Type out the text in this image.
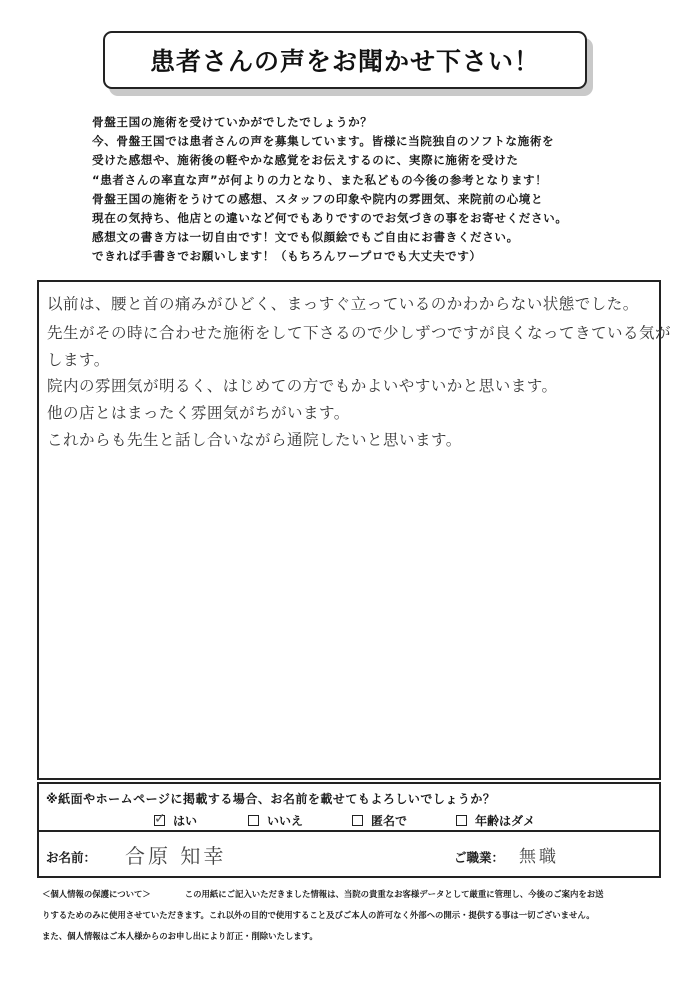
患者さんの声をお聞かせ下さい！
骨盤王国の施術を受けていかがでしたでしょうか？
今、骨盤王国では患者さんの声を募集しています。皆様に当院独自のソフトな施術を
受けた感想や、施術後の軽やかな感覚をお伝えするのに、実際に施術を受けた
“患者さんの率直な声”が何よりの力となり、また私どもの今後の参考となります！
骨盤王国の施術をうけての感想、スタッフの印象や院内の雰囲気、来院前の心境と
現在の気持ち、他店との違いなど何でもありですのでお気づきの事をお寄せください。
感想文の書き方は一切自由です！文でも似顔絵でもご自由にお書きください。
できれば手書きでお願いします！（もちろんワープロでも大丈夫です）
以前は、腰と首の痛みがひどく、まっすぐ立っているのかわからない状態でした。
先生がその時に合わせた施術をして下さるので少しずつですが良くなってきている気が
します。
院内の雰囲気が明るく、はじめての方でもかよいやすいかと思います。
他の店とはまったく雰囲気がちがいます。
これからも先生と話し合いながら通院したいと思います。
※紙面やホームページに掲載する場合、お名前を載せてもよろしいでしょうか？
✓
はい	いいえ	匿名で	年齢はダメ
お名前： 合原 知幸	ご職業： 無職
＜個人情報の保護について＞	この用紙にご記入いただきました情報は、当院の貴重なお客様データとして厳重に管理し、今後のご案内をお送
りするためのみに使用させていただきます。これ以外の目的で使用すること及びご本人の許可なく外部への開示・提供する事は一切ございません。
また、個人情報はご本人様からのお申し出により訂正・削除いたします。
